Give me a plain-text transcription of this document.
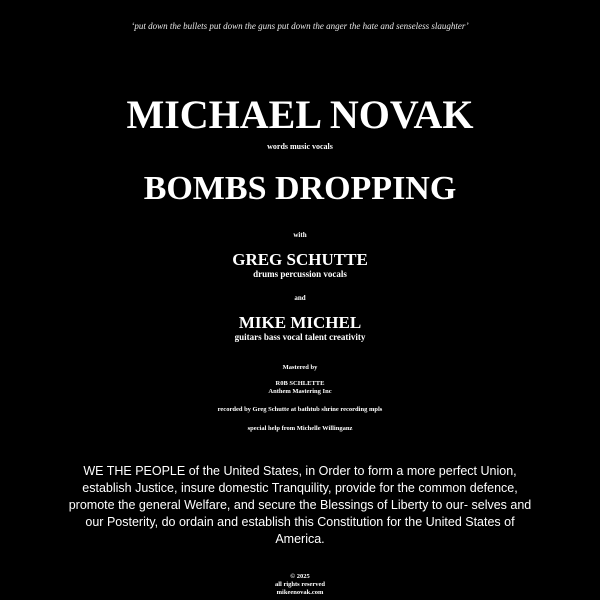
‘put down the bullets put down the guns put down the anger the hate and senseless slaughter’
MICHAEL NOVAK
words music vocals
BOMBS DROPPING
with
GREG SCHUTTE
drums percussion vocals
and
MIKE MICHEL
guitars bass vocal talent creativity
Mastered by
R0B SCHLETTE
Anthem Mastering Inc
recorded by Greg Schutte at bathtub shrine recording mpls
special help from Michelle Willinganz
WE THE PEOPLE of the United States, in Order to form a more perfect Union, establish Justice, insure domestic Tranquility, provide for the common defence, promote the general Welfare, and secure the Blessings of Liberty to our- selves and our Posterity, do ordain and establish this Constitution for the United States of America.
© 2025
all rights reserved
mikeenovak.com
